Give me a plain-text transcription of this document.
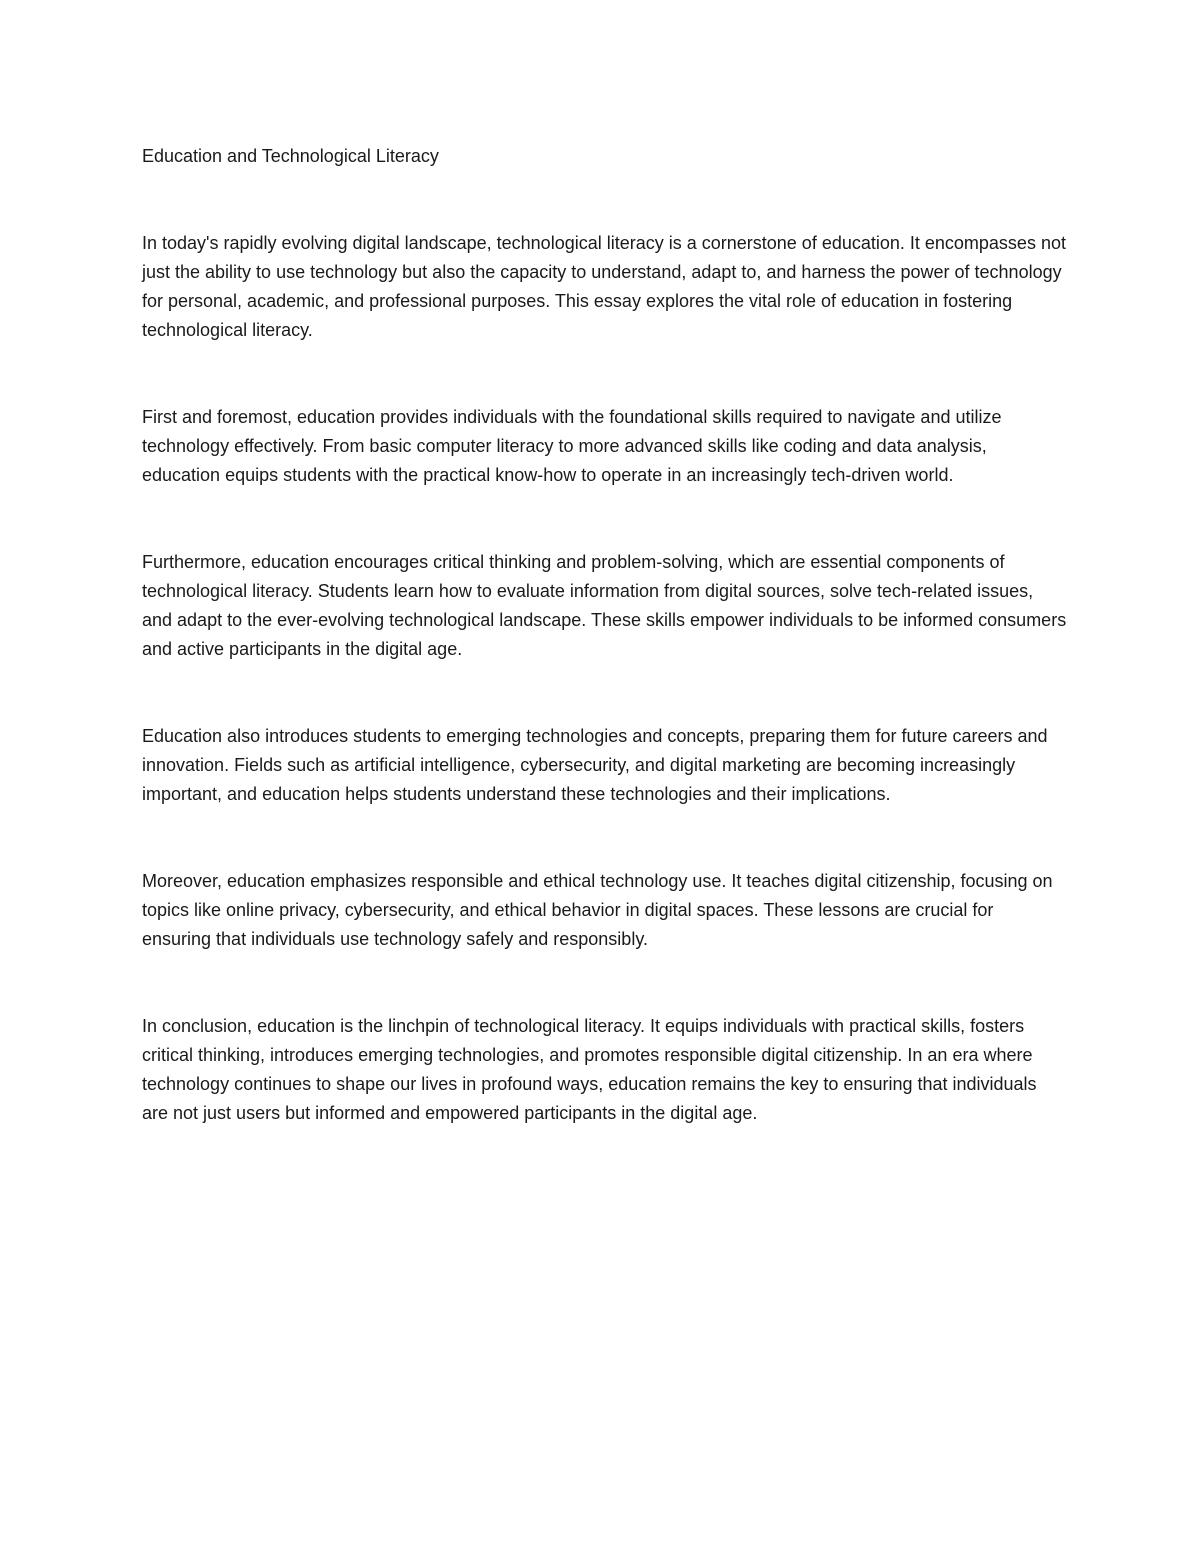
Education and Technological Literacy

In today's rapidly evolving digital landscape, technological literacy is a cornerstone of education. It encompasses not just the ability to use technology but also the capacity to understand, adapt to, and harness the power of technology for personal, academic, and professional purposes. This essay explores the vital role of education in fostering technological literacy.

First and foremost, education provides individuals with the foundational skills required to navigate and utilize technology effectively. From basic computer literacy to more advanced skills like coding and data analysis, education equips students with the practical know-how to operate in an increasingly tech-driven world.

Furthermore, education encourages critical thinking and problem-solving, which are essential components of technological literacy. Students learn how to evaluate information from digital sources, solve tech-related issues, and adapt to the ever-evolving technological landscape. These skills empower individuals to be informed consumers and active participants in the digital age.

Education also introduces students to emerging technologies and concepts, preparing them for future careers and innovation. Fields such as artificial intelligence, cybersecurity, and digital marketing are becoming increasingly important, and education helps students understand these technologies and their implications.

Moreover, education emphasizes responsible and ethical technology use. It teaches digital citizenship, focusing on topics like online privacy, cybersecurity, and ethical behavior in digital spaces. These lessons are crucial for ensuring that individuals use technology safely and responsibly.

In conclusion, education is the linchpin of technological literacy. It equips individuals with practical skills, fosters critical thinking, introduces emerging technologies, and promotes responsible digital citizenship. In an era where technology continues to shape our lives in profound ways, education remains the key to ensuring that individuals are not just users but informed and empowered participants in the digital age.
